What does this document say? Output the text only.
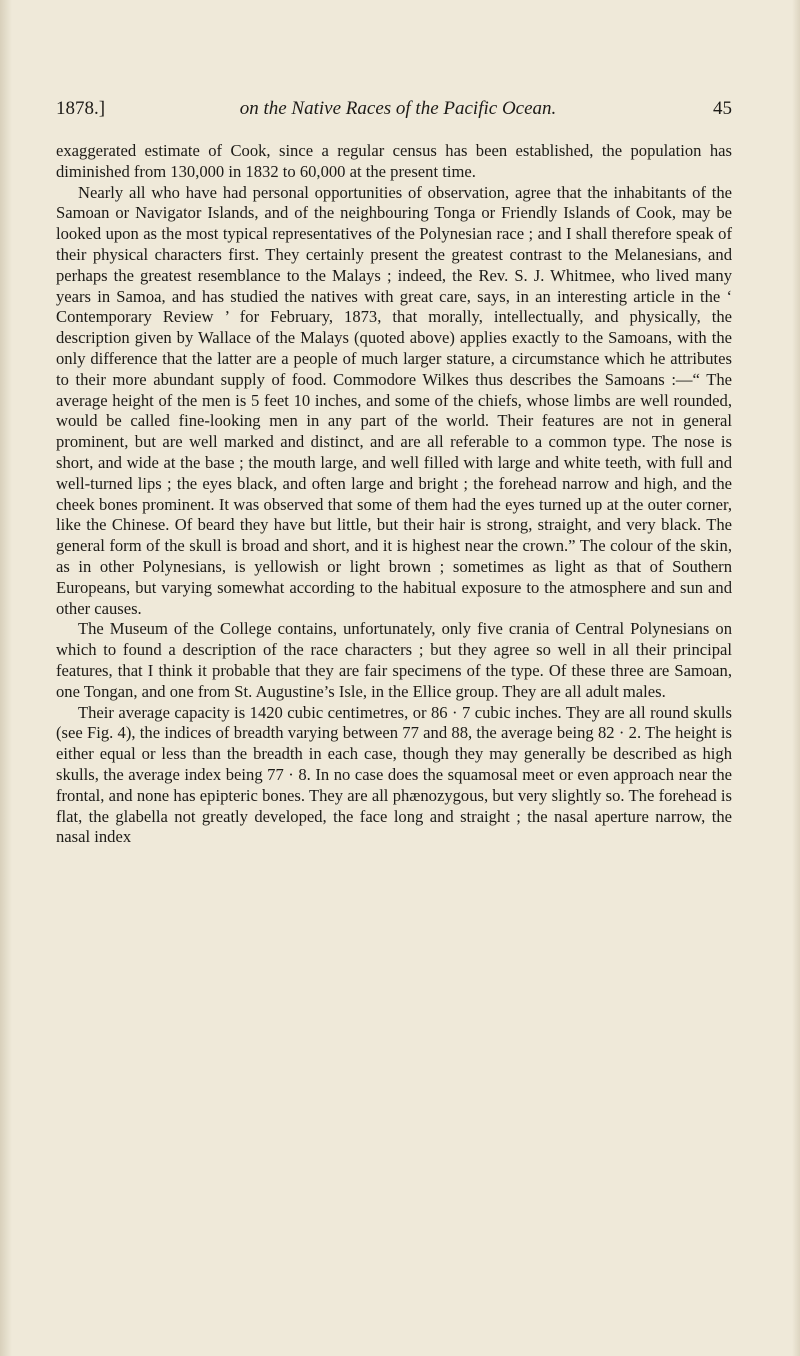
1878.]	on the Native Races of the Pacific Ocean.	45

exaggerated estimate of Cook, since a regular census has been established, the population has diminished from 130,000 in 1832 to 60,000 at the present time.

Nearly all who have had personal opportunities of observation, agree that the inhabitants of the Samoan or Navigator Islands, and of the neighbouring Tonga or Friendly Islands of Cook, may be looked upon as the most typical representatives of the Polynesian race ; and I shall therefore speak of their physical characters first. They certainly present the greatest contrast to the Melanesians, and perhaps the greatest resemblance to the Malays ; indeed, the Rev. S. J. Whitmee, who lived many years in Samoa, and has studied the natives with great care, says, in an interesting article in the ‘ Contemporary Review ’ for February, 1873, that morally, intellectually, and physically, the description given by Wallace of the Malays (quoted above) applies exactly to the Samoans, with the only difference that the latter are a people of much larger stature, a circumstance which he attributes to their more abundant supply of food. Commodore Wilkes thus describes the Samoans :—“ The average height of the men is 5 feet 10 inches, and some of the chiefs, whose limbs are well rounded, would be called fine-looking men in any part of the world. Their features are not in general prominent, but are well marked and distinct, and are all referable to a common type. The nose is short, and wide at the base ; the mouth large, and well filled with large and white teeth, with full and well-turned lips ; the eyes black, and often large and bright ; the forehead narrow and high, and the cheek bones prominent. It was observed that some of them had the eyes turned up at the outer corner, like the Chinese. Of beard they have but little, but their hair is strong, straight, and very black. The general form of the skull is broad and short, and it is highest near the crown.” The colour of the skin, as in other Polynesians, is yellowish or light brown ; sometimes as light as that of Southern Europeans, but varying somewhat according to the habitual exposure to the atmosphere and sun and other causes.

The Museum of the College contains, unfortunately, only five crania of Central Polynesians on which to found a description of the race characters ; but they agree so well in all their principal features, that I think it probable that they are fair specimens of the type. Of these three are Samoan, one Tongan, and one from St. Augustine’s Isle, in the Ellice group. They are all adult males.

Their average capacity is 1420 cubic centimetres, or 86 · 7 cubic inches. They are all round skulls (see Fig. 4), the indices of breadth varying between 77 and 88, the average being 82 · 2. The height is either equal or less than the breadth in each case, though they may generally be described as high skulls, the average index being 77 · 8. In no case does the squamosal meet or even approach near the frontal, and none has epipteric bones. They are all phænozygous, but very slightly so. The forehead is flat, the glabella not greatly developed, the face long and straight ; the nasal aperture narrow, the nasal index
